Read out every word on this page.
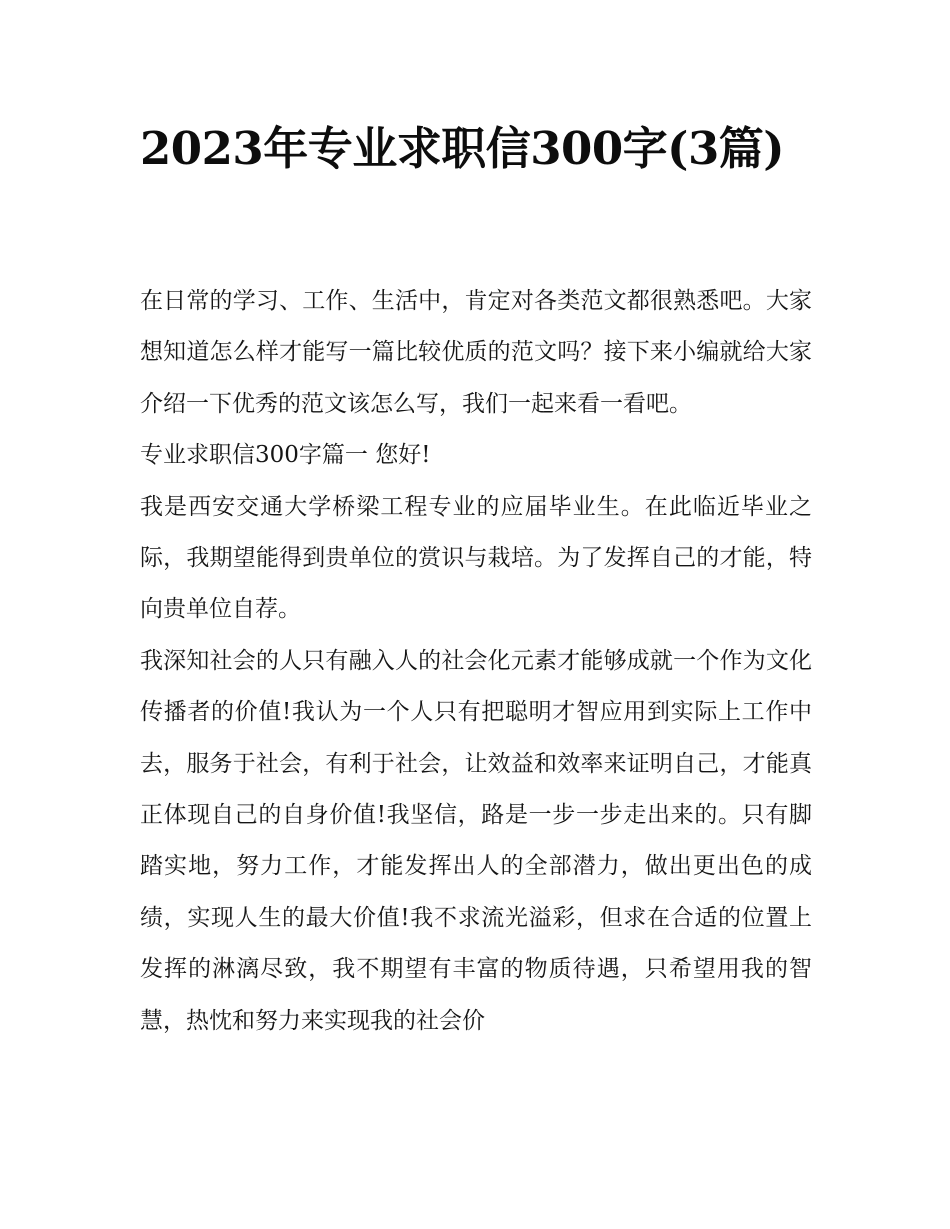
2023年专业求职信300字(3篇)

在日常的学习、工作、生活中，肯定对各类范文都很熟悉吧。大家想知道怎么样才能写一篇比较优质的范文吗？接下来小编就给大家介绍一下优秀的范文该怎么写，我们一起来看一看吧。

专业求职信300字篇一 您好!

我是西安交通大学桥梁工程专业的应届毕业生。在此临近毕业之际，我期望能得到贵单位的赏识与栽培。为了发挥自己的才能，特向贵单位自荐。

我深知社会的人只有融入人的社会化元素才能够成就一个作为文化传播者的价值!我认为一个人只有把聪明才智应用到实际上工作中去，服务于社会，有利于社会，让效益和效率来证明自己，才能真正体现自己的自身价值!我坚信，路是一步一步走出来的。只有脚踏实地，努力工作，才能发挥出人的全部潜力，做出更出色的成绩，实现人生的最大价值!我不求流光溢彩，但求在合适的位置上发挥的淋漓尽致，我不期望有丰富的物质待遇，只希望用我的智慧，热忱和努力来实现我的社会价
